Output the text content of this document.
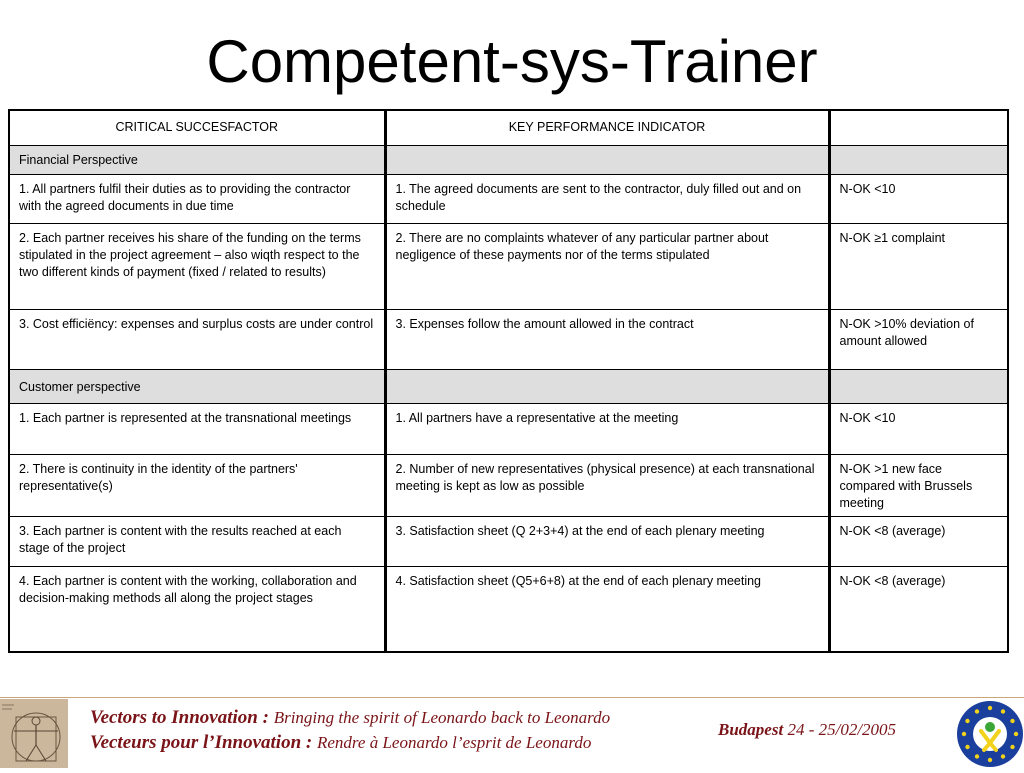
Competent-sys-Trainer
CRITICAL SUCCESFACTOR	KEY PERFORMANCE INDICATOR	
Financial Perspective		
1. All partners fulfil their duties as to providing the contractor with the agreed documents in due time	1. The agreed documents are sent to the contractor, duly filled out and on schedule	N-OK <10
2. Each partner receives his share of the funding on the terms stipulated in the project agreement – also wiqth respect to the two different kinds of payment (fixed / related to results)	2. There are no complaints whatever of any particular partner about negligence of these payments nor of the terms stipulated	N-OK ≥1 complaint
3. Cost efficiëncy: expenses and surplus costs are under control	3. Expenses follow the amount allowed in the contract	N-OK >10% deviation of amount allowed
Customer perspective		
1. Each partner is represented at the transnational meetings	1. All partners have a representative at the meeting	N-OK <10
2. There is continuity in the identity of the partners' representative(s)	2. Number of new representatives (physical presence) at each transnational meeting is kept as low as possible	N-OK >1 new face compared with Brussels meeting
3. Each partner is content with the results reached at each stage of the project	3. Satisfaction sheet (Q 2+3+4) at the end of each plenary meeting	N-OK <8 (average)
4. Each partner is content with the working, collaboration and decision-making methods all along the project stages	4. Satisfaction sheet (Q5+6+8) at the end of each plenary meeting	N-OK <8 (average)
Vectors to Innovation : Bringing the spirit of Leonardo back to Leonardo
Vecteurs pour l’Innovation : Rendre à Leonardo l’esprit de Leonardo
Budapest 24 - 25/02/2005
